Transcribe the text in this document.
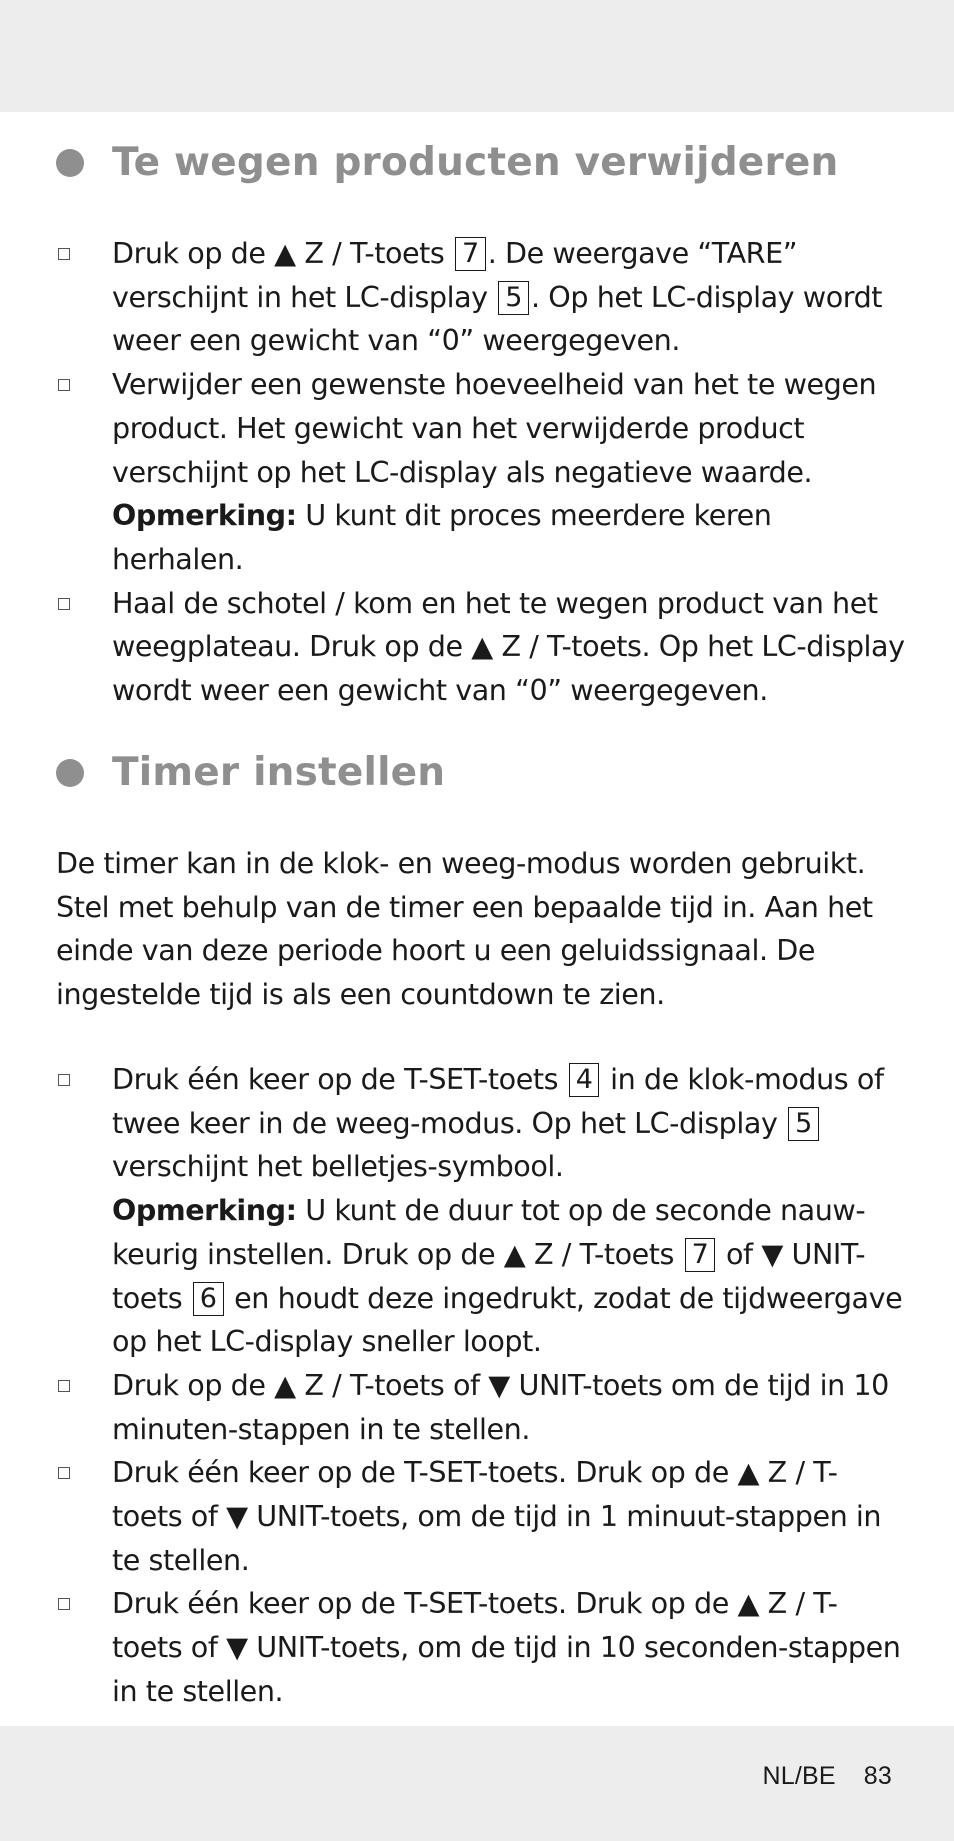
Te wegen producten verwijderen
Druk op de ▲ Z / T-toets 7 . De weergave “TARE” verschijnt in het LC-display 5 . Op het LC-display wordt weer een gewicht van “0” weergegeven.
Verwijder een gewenste hoeveelheid van het te wegen product. Het gewicht van het verwijderde product verschijnt op het LC-display als negatieve waarde.
Opmerking: U kunt dit proces meerdere keren herhalen.
Haal de schotel / kom en het te wegen product van het weegplateau. Druk op de ▲ Z / T-toets. Op het LC-display wordt weer een gewicht van “0” weergegeven.
Timer instellen
De timer kan in de klok- en weeg-modus worden gebruikt. Stel met behulp van de timer een bepaalde tijd in. Aan het einde van deze periode hoort u een geluidssignaal. De ingestelde tijd is als een countdown te zien.
Druk één keer op de T-SET-toets 4 in de klok-modus of twee keer in de weeg-modus. Op het LC-display 5 verschijnt het belletjes-symbool.
Opmerking: U kunt de duur tot op de seconde nauw-keurig instellen. Druk op de ▲ Z / T-toets 7 of ▼ UNIT-toets 6 en houdt deze ingedrukt, zodat de tijdweergave op het LC-display sneller loopt.
Druk op de ▲ Z / T-toets of ▼ UNIT-toets om de tijd in 10 minuten-stappen in te stellen.
Druk één keer op de T-SET-toets. Druk op de ▲ Z / T-toets of ▼ UNIT-toets, om de tijd in 1 minuut-stappen in te stellen.
Druk één keer op de T-SET-toets. Druk op de ▲ Z / T-toets of ▼ UNIT-toets, om de tijd in 10 seconden-stappen in te stellen.
NL/BE 83
